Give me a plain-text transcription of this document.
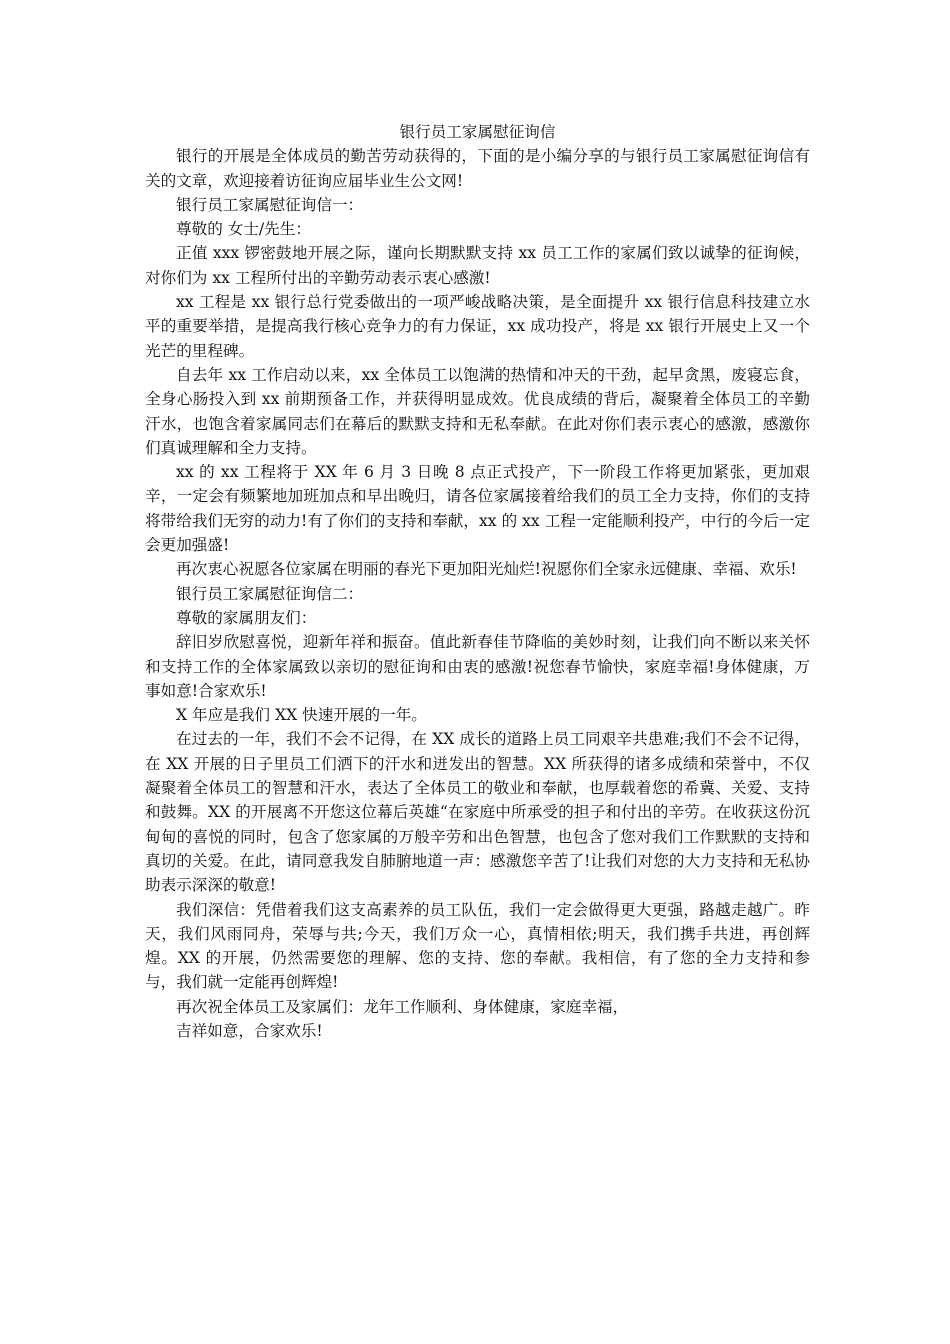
银行员工家属慰征询信

银行的开展是全体成员的勤苦劳动获得的，下面的是小编分享的与银行员工家属慰征询信有关的文章，欢迎接着访征询应届毕业生公文网!

银行员工家属慰征询信一：

尊敬的 女士/先生：

正值 xxx 锣密鼓地开展之际，谨向长期默默支持 xx 员工工作的家属们致以诚挚的征询候，对你们为 xx 工程所付出的辛勤劳动表示衷心感激!

xx 工程是 xx 银行总行党委做出的一项严峻战略决策，是全面提升 xx 银行信息科技建立水平的重要举措，是提高我行核心竞争力的有力保证，xx 成功投产，将是 xx 银行开展史上又一个光芒的里程碑。

自去年 xx 工作启动以来，xx 全体员工以饱满的热情和冲天的干劲，起早贪黑，废寝忘食，全身心肠投入到 xx 前期预备工作，并获得明显成效。优良成绩的背后，凝聚着全体员工的辛勤汗水，也饱含着家属同志们在幕后的默默支持和无私奉献。在此对你们表示衷心的感激，感激你们真诚理解和全力支持。

xx 的 xx 工程将于 XX 年 6 月 3 日晚 8 点正式投产，下一阶段工作将更加紧张，更加艰辛，一定会有频繁地加班加点和早出晚归，请各位家属接着给我们的员工全力支持，你们的支持将带给我们无穷的动力!有了你们的支持和奉献，xx 的 xx 工程一定能顺利投产，中行的今后一定会更加强盛!

再次衷心祝愿各位家属在明丽的春光下更加阳光灿烂!祝愿你们全家永远健康、幸福、欢乐!

银行员工家属慰征询信二：

尊敬的家属朋友们：

辞旧岁欣慰喜悦，迎新年祥和振奋。值此新春佳节降临的美妙时刻，让我们向不断以来关怀和支持工作的全体家属致以亲切的慰征询和由衷的感激!祝您春节愉快，家庭幸福!身体健康，万事如意!合家欢乐!

X 年应是我们 XX 快速开展的一年。

在过去的一年，我们不会不记得，在 XX 成长的道路上员工同艰辛共患难;我们不会不记得，在 XX 开展的日子里员工们洒下的汗水和迸发出的智慧。XX 所获得的诸多成绩和荣誉中，不仅凝聚着全体员工的智慧和汗水，表达了全体员工的敬业和奉献，也厚载着您的希冀、关爱、支持和鼓舞。XX 的开展离不开您这位幕后英雄“在家庭中所承受的担子和付出的辛劳。在收获这份沉甸甸的喜悦的同时，包含了您家属的万般辛劳和出色智慧，也包含了您对我们工作默默的支持和真切的关爱。在此，请同意我发自肺腑地道一声：感激您辛苦了!让我们对您的大力支持和无私协助表示深深的敬意!

我们深信：凭借着我们这支高素养的员工队伍，我们一定会做得更大更强，路越走越广。昨天，我们风雨同舟，荣辱与共;今天，我们万众一心，真情相依;明天，我们携手共进，再创辉煌。XX 的开展，仍然需要您的理解、您的支持、您的奉献。我相信，有了您的全力支持和参与，我们就一定能再创辉煌!

再次祝全体员工及家属们：龙年工作顺利、身体健康，家庭幸福，

吉祥如意，合家欢乐!
